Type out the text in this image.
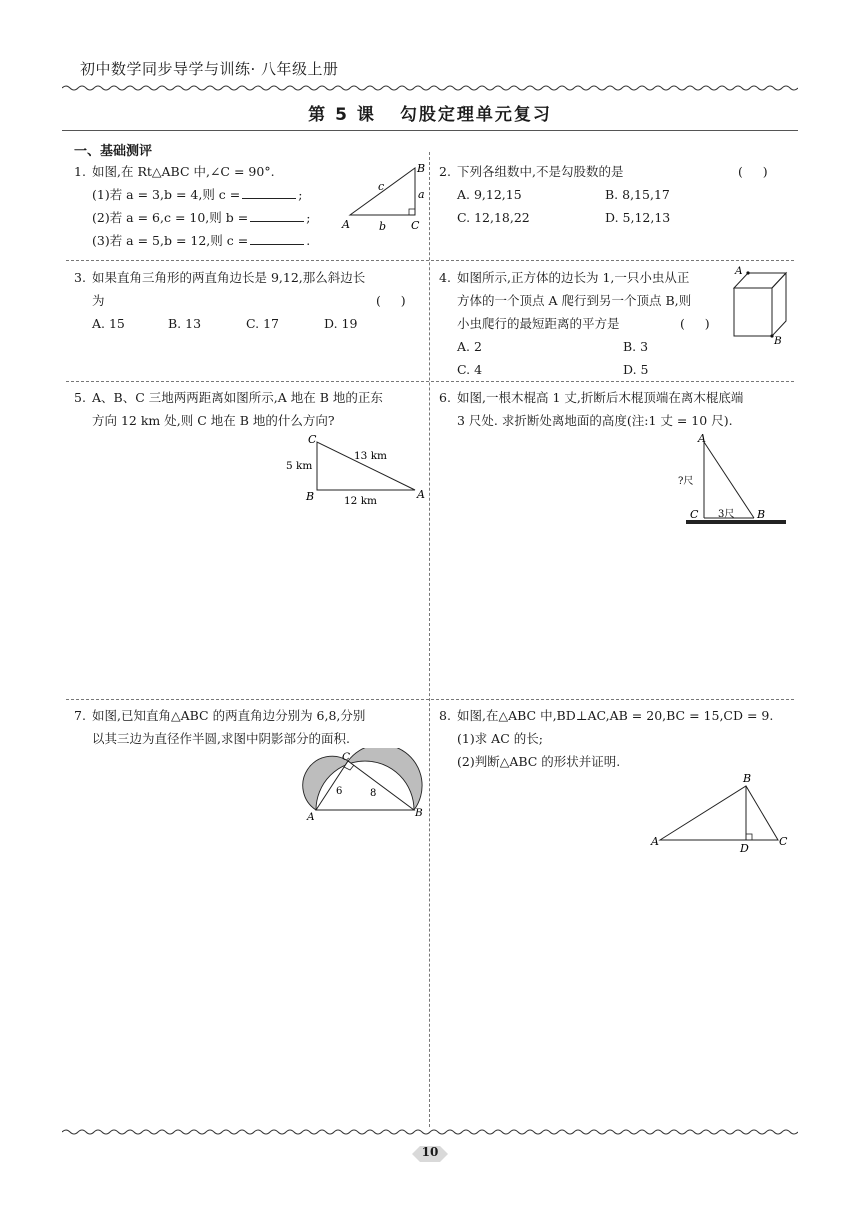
初中数学同步导学与训练· 八年级上册
第 5 课 勾股定理单元复习
一、基础测评
1. 如图,在 Rt△ABC 中,∠C = 90°.
(1)若 a = 3,b = 4,则 c =	;
(2)若 a = 6,c = 10,则 b =	;
(3)若 a = 5,b = 12,则 c =	.
A
B
C
a
b
c
2. 下列各组数中,不是勾股数的是
A. 9,12,15	B. 8,15,17
C. 12,18,22	D. 5,12,13
(     )
3. 如果直角三角形的两直角边长是 9,12,那么斜边长
为
A. 15	B. 13	C. 17	D. 19
(     )
4. 如图所示,正方体的边长为 1,一只小虫从正
方体的一个顶点 A 爬行到另一个顶点 B,则
小虫爬行的最短距离的平方是
A. 2	B. 3
C. 4	D. 5
(     )
A
B
5. A、B、C 三地两两距离如图所示,A 地在 B 地的正东
方向 12 km 处,则 C 地在 B 地的什么方向?
C
B	A
5 km
13 km
12 km
6. 如图,一根木棍高 1 丈,折断后木棍顶端在离木棍底端
3 尺处. 求折断处离地面的高度(注:1 丈 = 10 尺).
A
C	B
?尺
3尺
7. 如图,已知直角△ABC 的两直角边分别为 6,8,分别
以其三边为直径作半圆,求图中阴影部分的面积.
A	B
C
6	8
8. 如图,在△ABC 中,BD⊥AC,AB = 20,BC = 15,CD = 9.
(1)求 AC 的长;
(2)判断△ABC 的形状并证明.
A
B
C
D
10
